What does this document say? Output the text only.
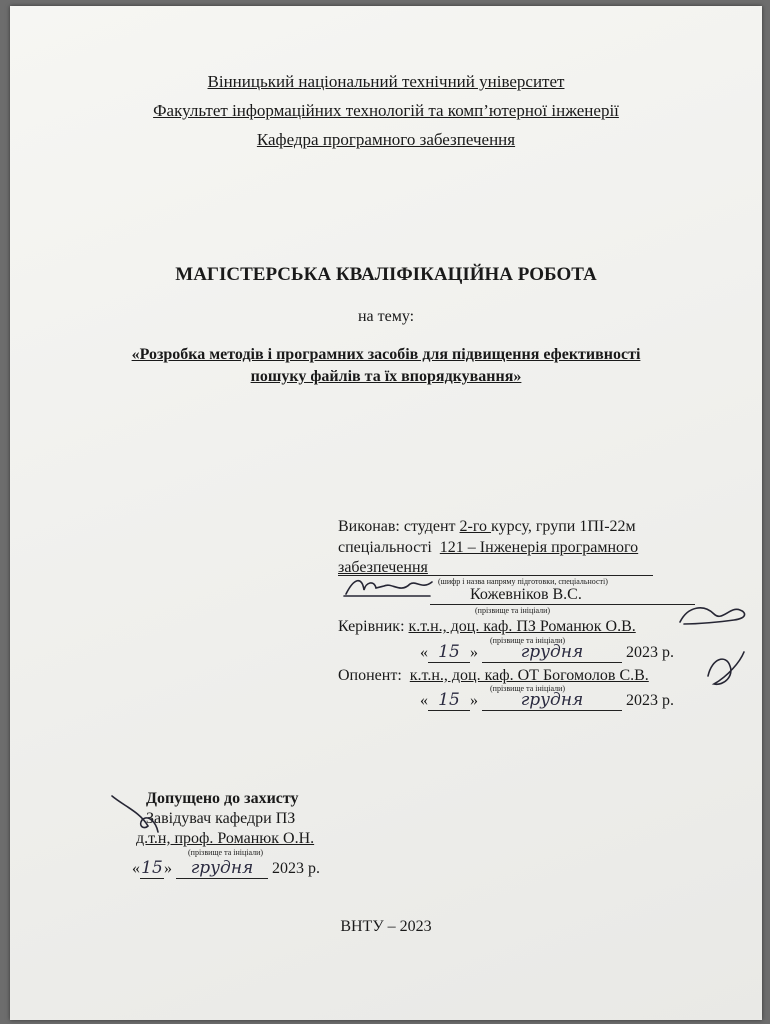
Вінницький національний технічний університет
Факультет інформаційних технологій та комп’ютерної інженерії
Кафедра програмного забезпечення
МАГІСТЕРСЬКА КВАЛІФІКАЦІЙНА РОБОТА
на тему:
«Розробка методів і програмних засобів для підвищення ефективності
пошуку файлів та їх впорядкування»
Виконав: студент 2-го курсу, групи 1ПІ-22м
спеціальності 121 – Інженерія програмного
забезпечення
(шифр і назва напряму підготовки, спеціальності)
Кожевніков В.С.
(прізвище та ініціали)
Керівник: к.т.н., доц. каф. ПЗ Романюк О.В.
(прізвище та ініціали)
« 15 » грудня	2023 р.
Опонент: к.т.н., доц. каф. ОТ Богомолов С.В.
(прізвище та ініціали)
« 15 » грудня	2023 р.
Допущено до захисту
Завідувач кафедри ПЗ
д.т.н, проф. Романюк О.Н.
(прізвище та ініціали)
«15» грудня 2023 р.
ВНТУ – 2023
